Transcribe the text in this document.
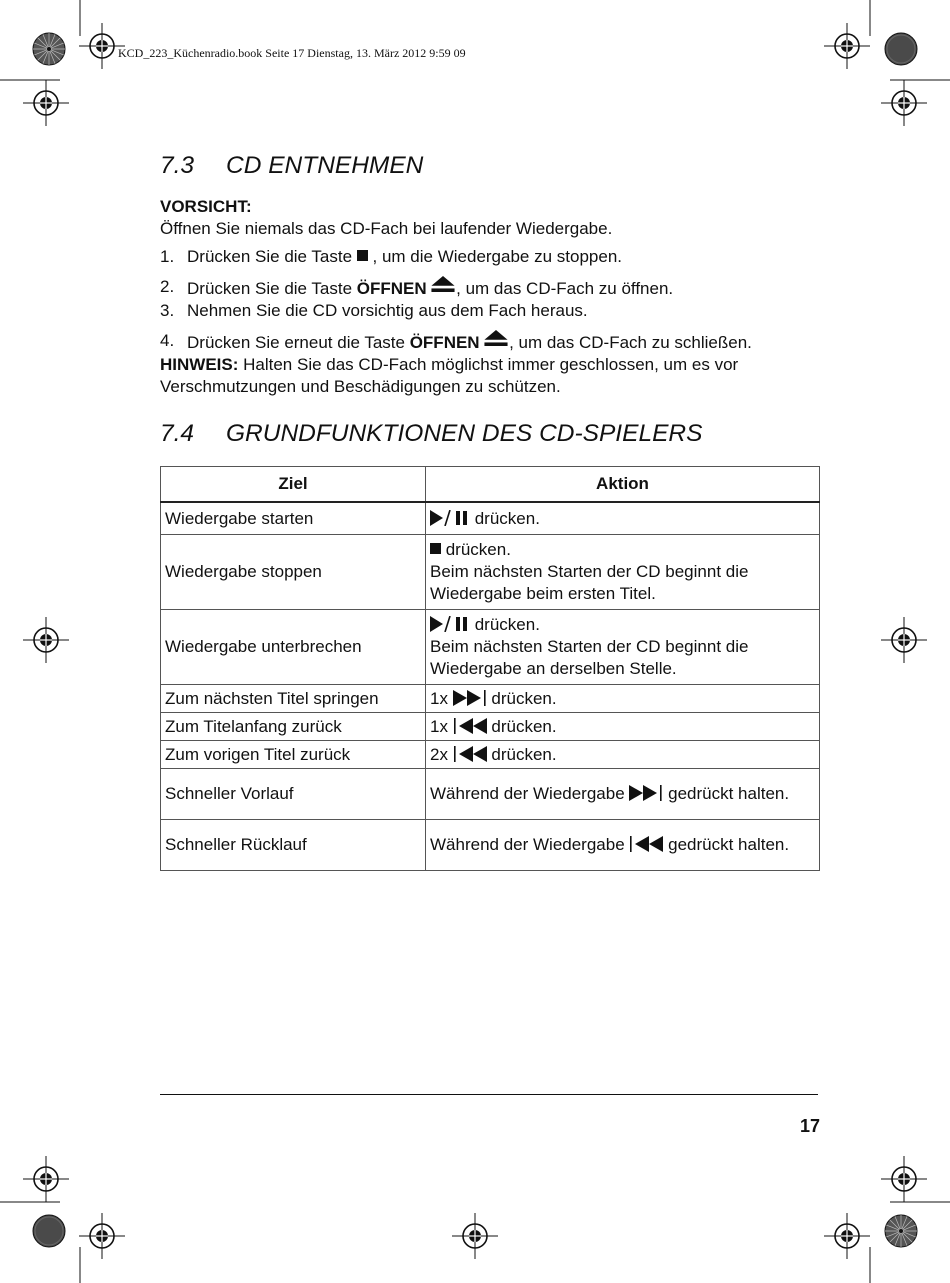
KCD_223_Küchenradio.book Seite 17 Dienstag, 13. März 2012 9:59 09
7.3	CD ENTNEHMEN
VORSICHT:
Öffnen Sie niemals das CD-Fach bei laufender Wiedergabe.
1. Drücken Sie die Taste  , um die Wiedergabe zu stoppen.
2. Drücken Sie die Taste ÖFFNEN , um das CD-Fach zu öffnen.
3. Nehmen Sie die CD vorsichtig aus dem Fach heraus.
4. Drücken Sie erneut die Taste ÖFFNEN , um das CD-Fach zu schließen.
HINWEIS: Halten Sie das CD-Fach möglichst immer geschlossen, um es vor Verschmutzungen und Beschädigungen zu schützen.
7.4	GRUNDFUNKTIONEN DES CD-SPIELERS
Ziel	Aktion
Wiedergabe starten	drücken.
Wiedergabe stoppen	drücken.
Beim nächsten Starten der CD beginnt die Wiedergabe beim ersten Titel.

Wiedergabe unterbrechen	drücken.
Beim nächsten Starten der CD beginnt die Wiedergabe an derselben Stelle.

Zum nächsten Titel springen	1x  drücken.
Zum Titelanfang zurück	1x  drücken.
Zum vorigen Titel zurück	2x  drücken.
Schneller Vorlauf	Während der Wiedergabe  gedrückt halten.
Schneller Rücklauf	Während der Wiedergabe  gedrückt halten.
17
